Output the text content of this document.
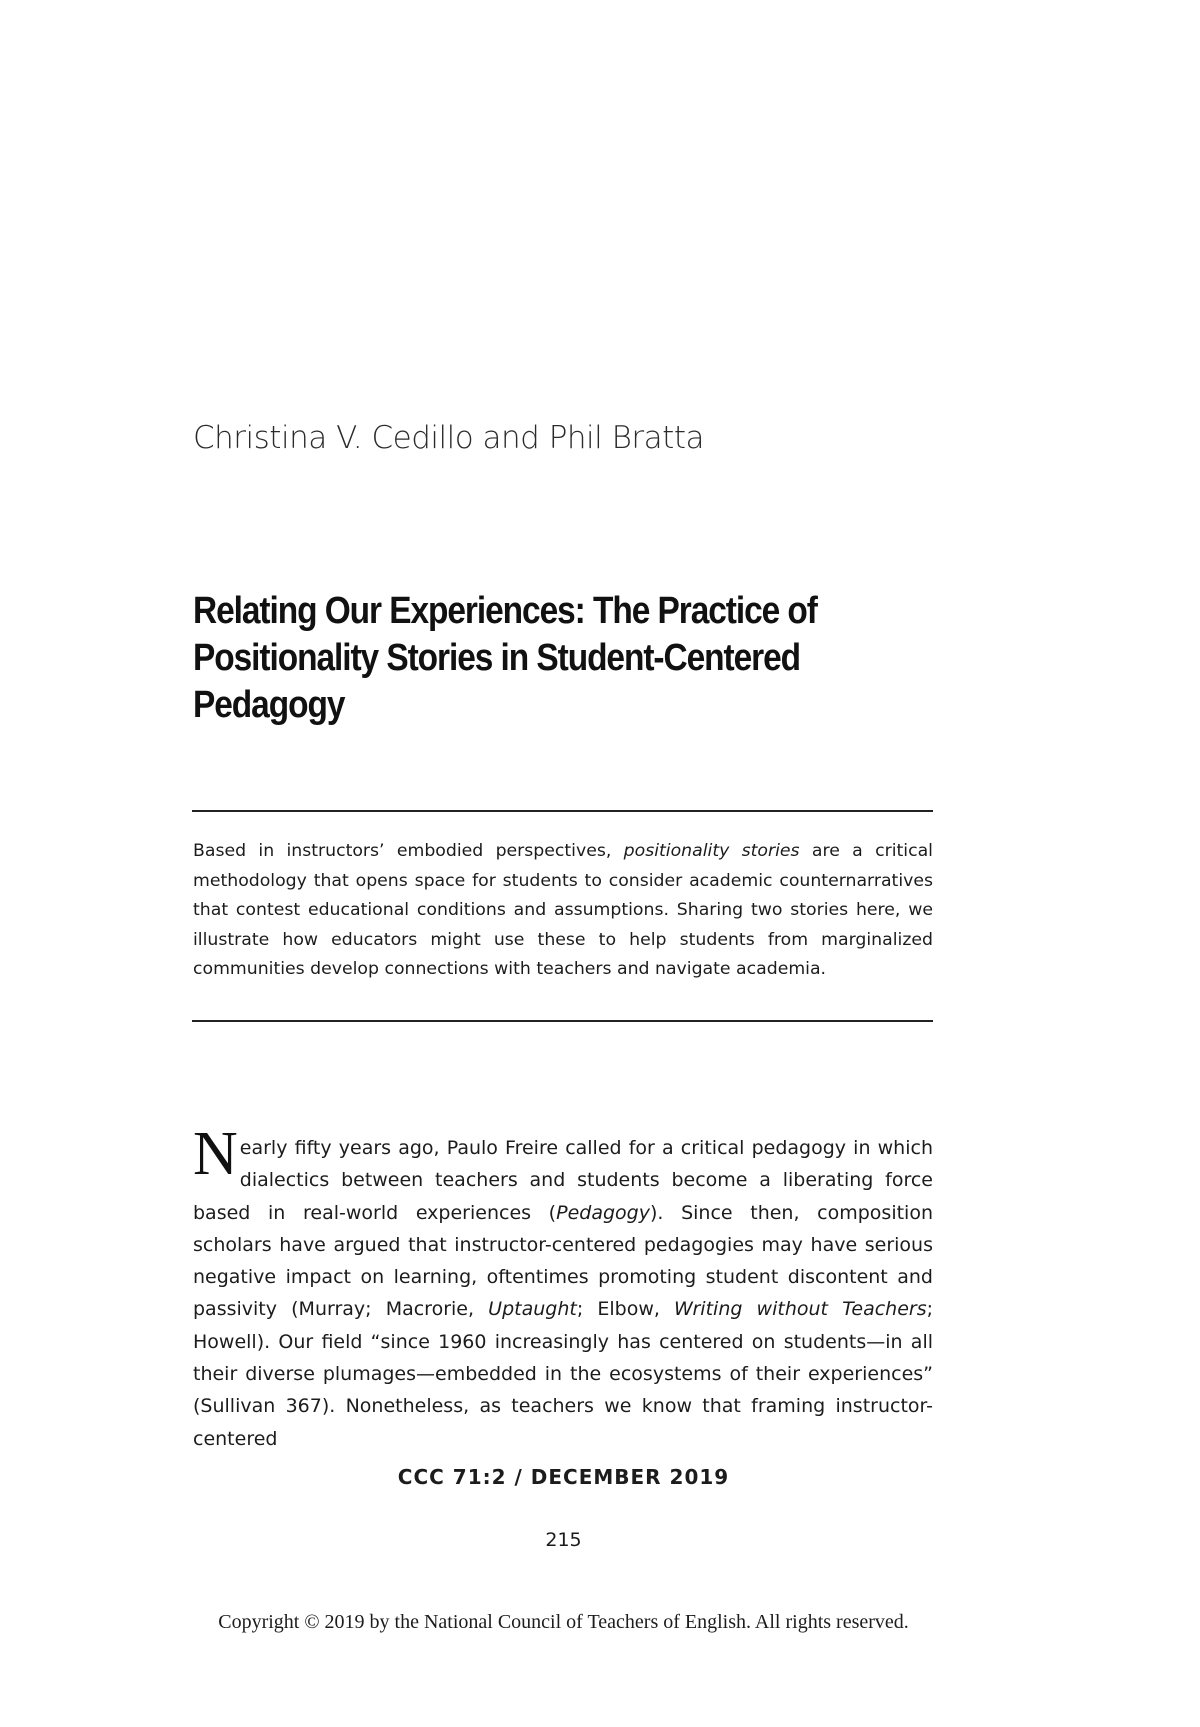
Christina V. Cedillo and Phil Bratta
Relating Our Experiences: The Practice of Positionality Stories in Student-Centered Pedagogy

Based in instructors’ embodied perspectives, positionality stories are a critical methodology that opens space for students to consider academic counternarratives that contest educational conditions and assumptions. Sharing two stories here, we illustrate how educators might use these to help students from marginalized communities develop connections with teachers and navigate academia.

Nearly fifty years ago, Paulo Freire called for a critical pedagogy in which dialectics between teachers and students become a liberating force based in real-world experiences (Pedagogy). Since then, composition scholars have argued that instructor-centered pedagogies may have serious negative impact on learning, oftentimes promoting student discontent and passivity (Murray; Macrorie, Uptaught; Elbow, Writing without Teachers; Howell). Our field “since 1960 increasingly has centered on students—in all their diverse plumages—embedded in the ecosystems of their experiences” (Sullivan 367). Nonetheless, as teachers we know that framing instructor-centered

CCC 71:2 / DECEMBER 2019
215
Copyright © 2019 by the National Council of Teachers of English. All rights reserved.
